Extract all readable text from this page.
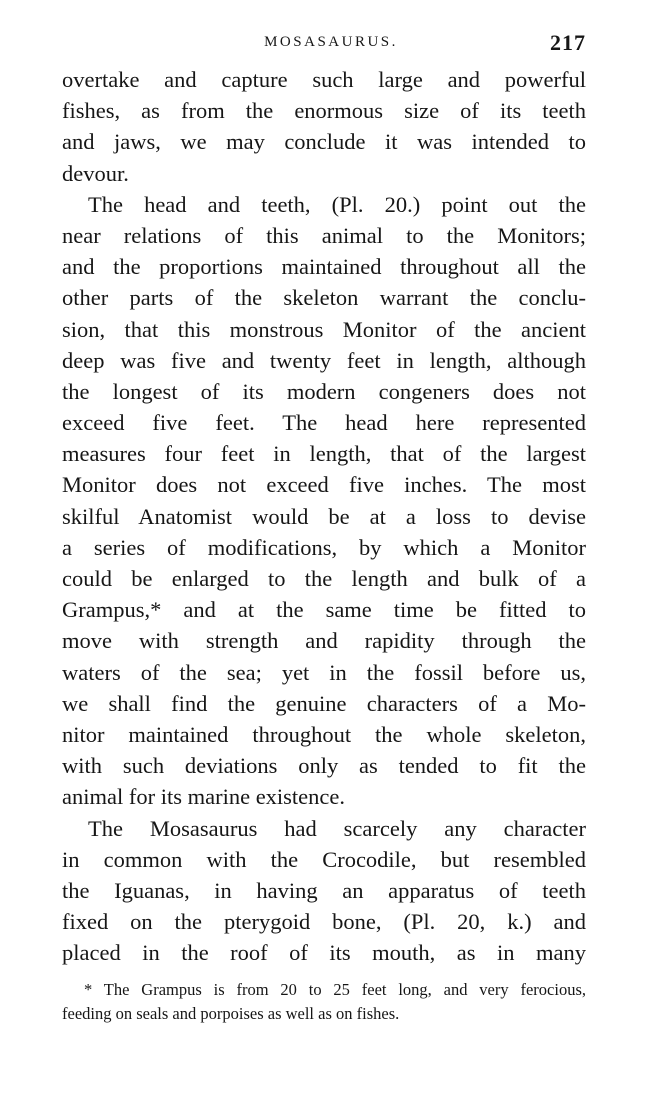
MOSASAURUS.	217
overtake and capture such large and powerful
fishes, as from the enormous size of its teeth
and jaws, we may conclude it was intended to
devour.
The head and teeth, (Pl. 20.) point out the
near relations of this animal to the Monitors;
and the proportions maintained throughout all the
other parts of the skeleton warrant the conclu-
sion, that this monstrous Monitor of the ancient
deep was five and twenty feet in length, although
the longest of its modern congeners does not
exceed five feet. The head here represented
measures four feet in length, that of the largest
Monitor does not exceed five inches. The most
skilful Anatomist would be at a loss to devise
a series of modifications, by which a Monitor
could be enlarged to the length and bulk of a
Grampus,* and at the same time be fitted to
move with strength and rapidity through the
waters of the sea; yet in the fossil before us,
we shall find the genuine characters of a Mo-
nitor maintained throughout the whole skeleton,
with such deviations only as tended to fit the
animal for its marine existence.
The Mosasaurus had scarcely any character
in common with the Crocodile, but resembled
the Iguanas, in having an apparatus of teeth
fixed on the pterygoid bone, (Pl. 20, k.) and
placed in the roof of its mouth, as in many
* The Grampus is from 20 to 25 feet long, and very ferocious,
feeding on seals and porpoises as well as on fishes.
